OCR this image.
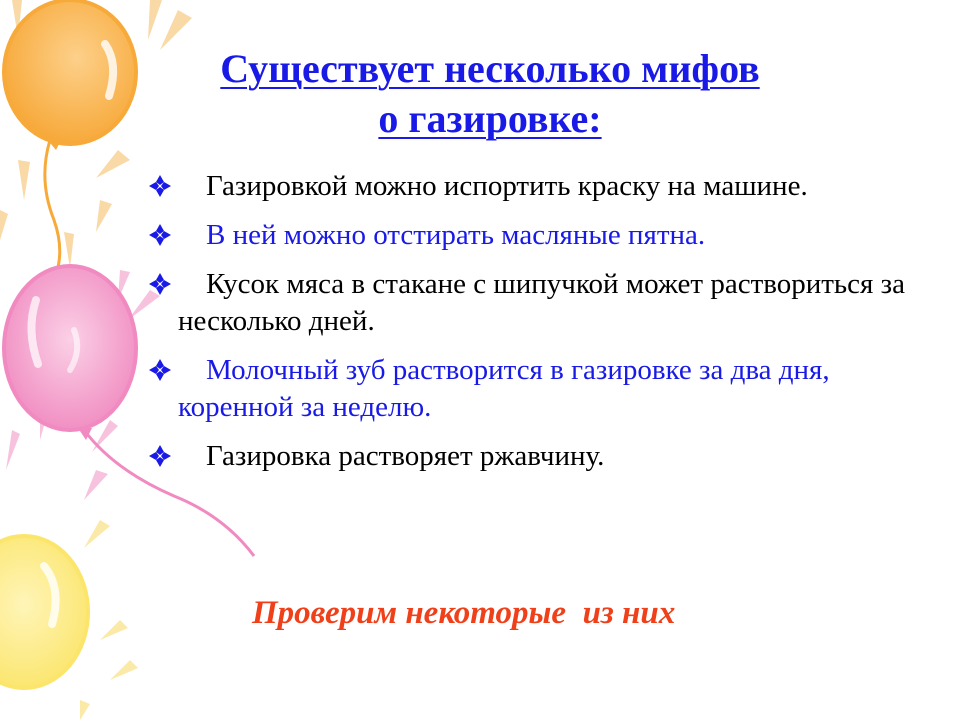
Существует несколько мифов
о газировке:
Газировкой можно испортить краску на машине.
В ней можно отстирать масляные пятна.
Кусок мяса в стакане с шипучкой может раствориться за несколько дней.
Молочный зуб растворится в газировке за два дня, коренной за неделю.
Газировка растворяет ржавчину.
Проверим некоторые  из них
